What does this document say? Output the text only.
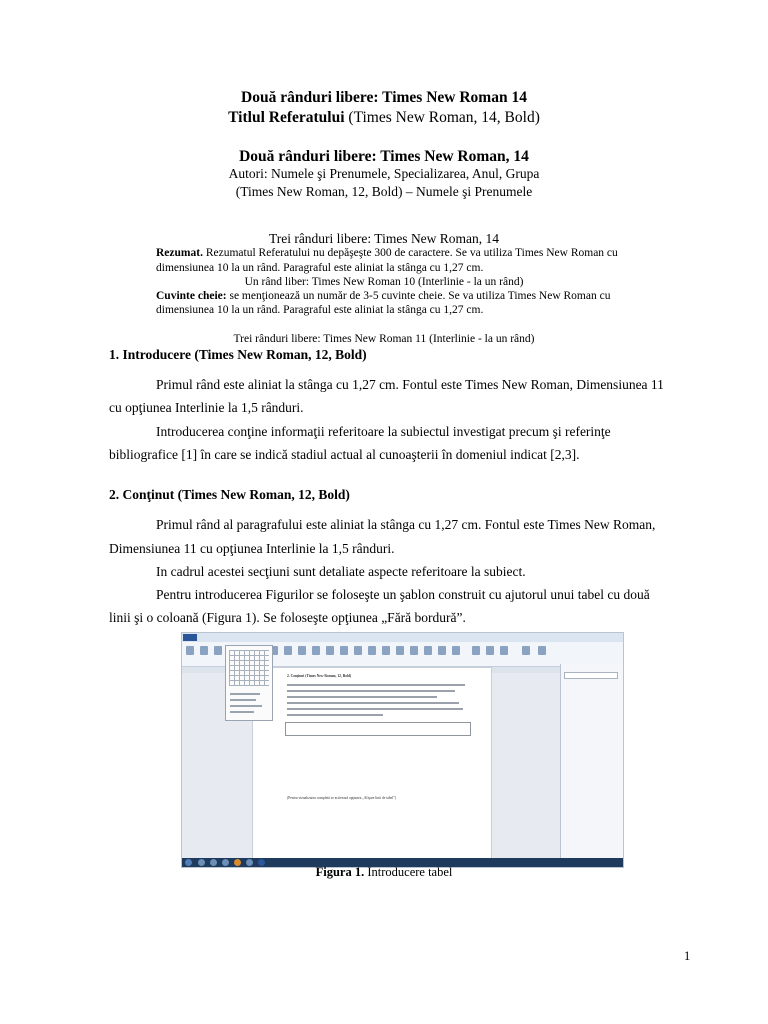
Două rânduri libere: Times New Roman 14
Titlul Referatului (Times New Roman, 14, Bold)
Două rânduri libere: Times New Roman, 14
Autori: Numele şi Prenumele, Specializarea, Anul, Grupa
(Times New Roman, 12, Bold) – Numele şi Prenumele
Trei rânduri libere: Times New Roman, 14
Rezumat. Rezumatul Referatului nu depăşeşte 300 de caractere. Se va utiliza Times New Roman cu
dimensiunea 10 la un rând. Paragraful este aliniat la stânga cu 1,27 cm.
Un rând liber: Times New Roman 10 (Interlinie - la un rând)
Cuvinte cheie: se menţionează un număr de 3-5 cuvinte cheie. Se va utiliza Times New Roman cu
dimensiunea 10 la un rând. Paragraful este aliniat la stânga cu 1,27 cm.
Trei rânduri libere: Times New Roman 11 (Interlinie - la un rând)
1. Introducere (Times New Roman, 12, Bold)
Primul rând este aliniat la stânga cu 1,27 cm. Fontul este Times New Roman, Dimensiunea 11
cu opţiunea Interlinie la 1,5 rânduri.
Introducerea conţine informaţii referitoare la subiectul investigat precum şi referinţe
bibliografice [1] în care se indică stadiul actual al cunoaşterii în domeniul indicat [2,3].
2. Conţinut (Times New Roman, 12, Bold)
Primul rând al paragrafului este aliniat la stânga cu 1,27 cm. Fontul este Times New Roman,
Dimensiunea 11 cu opţiunea Interlinie la 1,5 rânduri.
In cadrul acestei secţiuni sunt detaliate aspecte referitoare la subiect.
Pentru introducerea Figurilor se foloseşte un şablon construit cu ajutorul unui tabel cu două
linii şi o coloană (Figura 1). Se foloseşte opţiunea „Fără bordură”.
2. Conţinut (Times New Roman, 12, Bold)
(Pentru vizualizarea completă se activează opţiunea „Afişare linii de tabel”)
Figura 1. Introducere tabel
1
